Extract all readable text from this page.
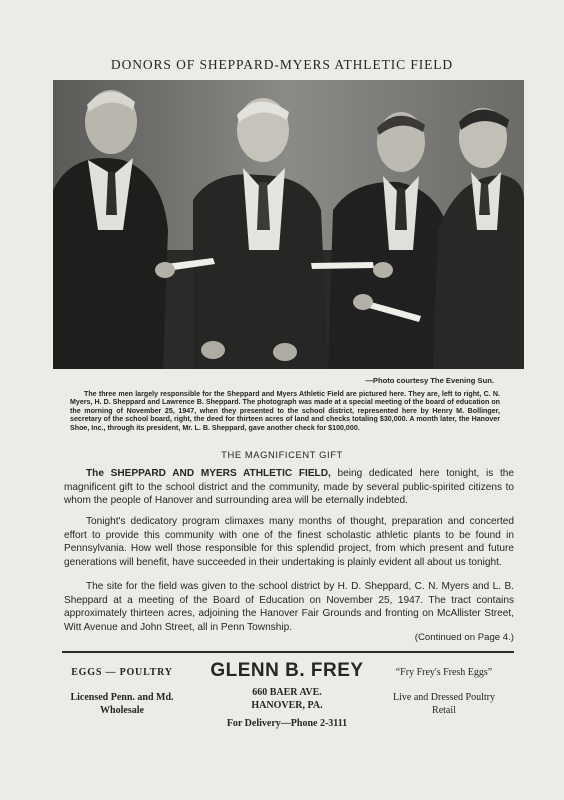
DONORS OF SHEPPARD-MYERS ATHLETIC FIELD
—Photo courtesy The Evening Sun.
The three men largely responsible for the Sheppard and Myers Athletic Field are pictured here. They are, left to right, C. N. Myers, H. D. Sheppard and Lawrence B. Sheppard. The photograph was made at a special meeting of the board of education on the morning of November 25, 1947, when they presented to the school district, represented here by Henry M. Bollinger, secretary of the school board, right, the deed for thirteen acres of land and checks totaling $30,000. A month later, the Hanover Shoe, Inc., through its president, Mr. L. B. Sheppard, gave another check for $100,000.
THE MAGNIFICENT GIFT

The SHEPPARD AND MYERS ATHLETIC FIELD, being dedicated here tonight, is the magnificent gift to the school district and the community, made by several public-spirited citizens to whom the people of Hanover and surrounding area will be eternally indebted.

Tonight's dedicatory program climaxes many months of thought, preparation and concerted effort to provide this community with one of the finest scholastic athletic plants to be found in Pennsylvania. How well those responsible for this splendid project, from which present and future generations will benefit, have succeeded in their undertaking is plainly evident all about us tonight.

The site for the field was given to the school district by H. D. Sheppard, C. N. Myers and L. B. Sheppard at a meeting of the Board of Education on November 25, 1947. The tract contains approximately thirteen acres, adjoining the Hanover Fair Grounds and fronting on McAllister Street, Witt Avenue and John Street, all in Penn Township.

(Continued on Page 4.)
EGGS — POULTRY
Licensed Penn. and Md.
Wholesale
GLENN B. FREY
660 BAER AVE.
HANOVER, PA.
For Delivery—Phone 2-3111
“Fry Frey's Fresh Eggs”
Live and Dressed Poultry
Retail
